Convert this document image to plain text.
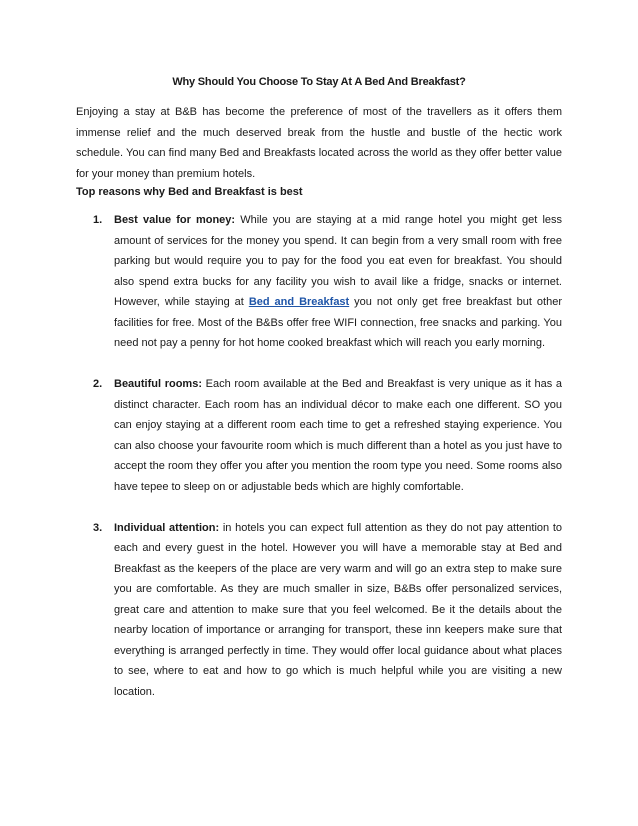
Why Should You Choose To Stay At A Bed And Breakfast?

Enjoying a stay at B&B has become the preference of most of the travellers as it offers them immense relief and the much deserved break from the hustle and bustle of the hectic work schedule. You can find many Bed and Breakfasts located across the world as they offer better value for your money than premium hotels.

Top reasons why Bed and Breakfast is best

1. Best value for money: While you are staying at a mid range hotel you might get less amount of services for the money you spend. It can begin from a very small room with free parking but would require you to pay for the food you eat even for breakfast. You should also spend extra bucks for any facility you wish to avail like a fridge, snacks or internet. However, while staying at Bed and Breakfast you not only get free breakfast but other facilities for free. Most of the B&Bs offer free WIFI connection, free snacks and parking. You need not pay a penny for hot home cooked breakfast which will reach you early morning.
2. Beautiful rooms: Each room available at the Bed and Breakfast is very unique as it has a distinct character. Each room has an individual décor to make each one different. SO you can enjoy staying at a different room each time to get a refreshed staying experience. You can also choose your favourite room which is much different than a hotel as you just have to accept the room they offer you after you mention the room type you need. Some rooms also have tepee to sleep on or adjustable beds which are highly comfortable.
3. Individual attention: in hotels you can expect full attention as they do not pay attention to each and every guest in the hotel. However you will have a memorable stay at Bed and Breakfast as the keepers of the place are very warm and will go an extra step to make sure you are comfortable. As they are much smaller in size, B&Bs offer personalized services, great care and attention to make sure that you feel welcomed. Be it the details about the nearby location of importance or arranging for transport, these inn keepers make sure that everything is arranged perfectly in time. They would offer local guidance about what places to see, where to eat and how to go which is much helpful while you are visiting a new location.
